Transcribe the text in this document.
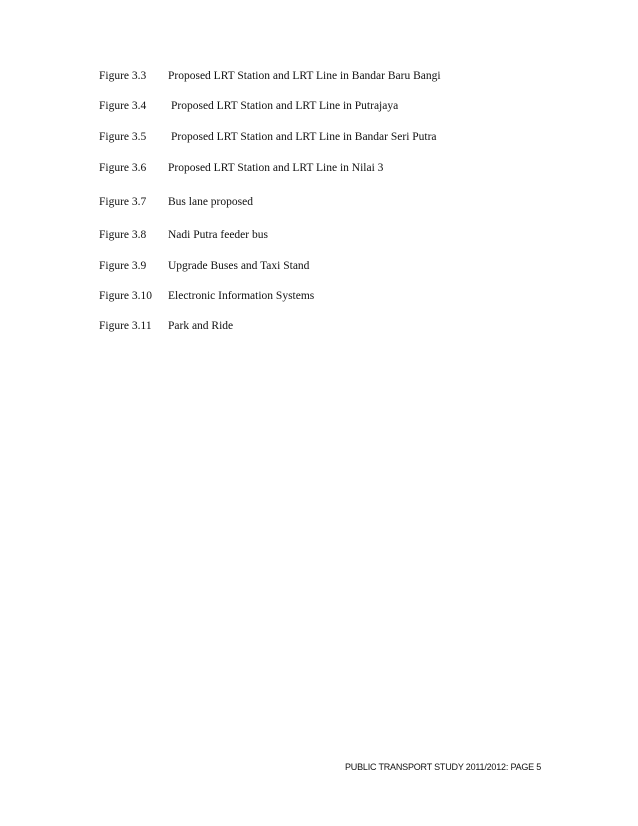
Figure 3.3 Proposed LRT Station and LRT Line in Bandar Baru Bangi
Figure 3.4 Proposed LRT Station and LRT Line in Putrajaya
Figure 3.5 Proposed LRT Station and LRT Line in Bandar Seri Putra
Figure 3.6 Proposed LRT Station and LRT Line in Nilai 3
Figure 3.7 Bus lane proposed
Figure 3.8 Nadi Putra feeder bus
Figure 3.9 Upgrade Buses and Taxi Stand
Figure 3.10 Electronic Information Systems
Figure 3.11 Park and Ride
PUBLIC TRANSPORT STUDY 2011/2012: PAGE 5
